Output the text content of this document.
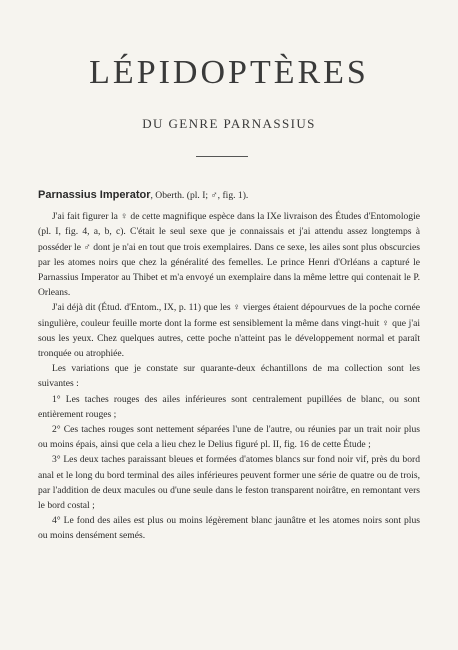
LÉPIDOPTÈRES
DU GENRE PARNASSIUS
Parnassius Imperator, Oberth. (pl. I; ♂, fig. 1).

J'ai fait figurer la ♀ de cette magnifique espèce dans la IXe livraison des Études d'Entomologie (pl. I, fig. 4, a, b, c). C'était le seul sexe que je connaissais et j'ai attendu assez longtemps à posséder le ♂ dont je n'ai en tout que trois exemplaires. Dans ce sexe, les ailes sont plus obscurcies par les atomes noirs que chez la généralité des femelles. Le prince Henri d'Orléans a capturé le Parnassius Imperator au Thibet et m'a envoyé un exemplaire dans la même lettre qui contenait le P. Orleans.

J'ai déjà dit (Étud. d'Entom., IX, p. 11) que les ♀ vierges étaient dépourvues de la poche cornée singulière, couleur feuille morte dont la forme est sensiblement la même dans vingt-huit ♀ que j'ai sous les yeux. Chez quelques autres, cette poche n'atteint pas le développement normal et paraît tronquée ou atrophiée.

Les variations que je constate sur quarante-deux échantillons de ma collection sont les suivantes :

1° Les taches rouges des ailes inférieures sont centralement pupillées de blanc, ou sont entièrement rouges ;

2° Ces taches rouges sont nettement séparées l'une de l'autre, ou réunies par un trait noir plus ou moins épais, ainsi que cela a lieu chez le Delius figuré pl. II, fig. 16 de cette Étude ;

3° Les deux taches paraissant bleues et formées d'atomes blancs sur fond noir vif, près du bord anal et le long du bord terminal des ailes inférieures peuvent former une série de quatre ou de trois, par l'addition de deux macules ou d'une seule dans le feston transparent noirâtre, en remontant vers le bord costal ;

4° Le fond des ailes est plus ou moins légèrement blanc jaunâtre et les atomes noirs sont plus ou moins densément semés.
